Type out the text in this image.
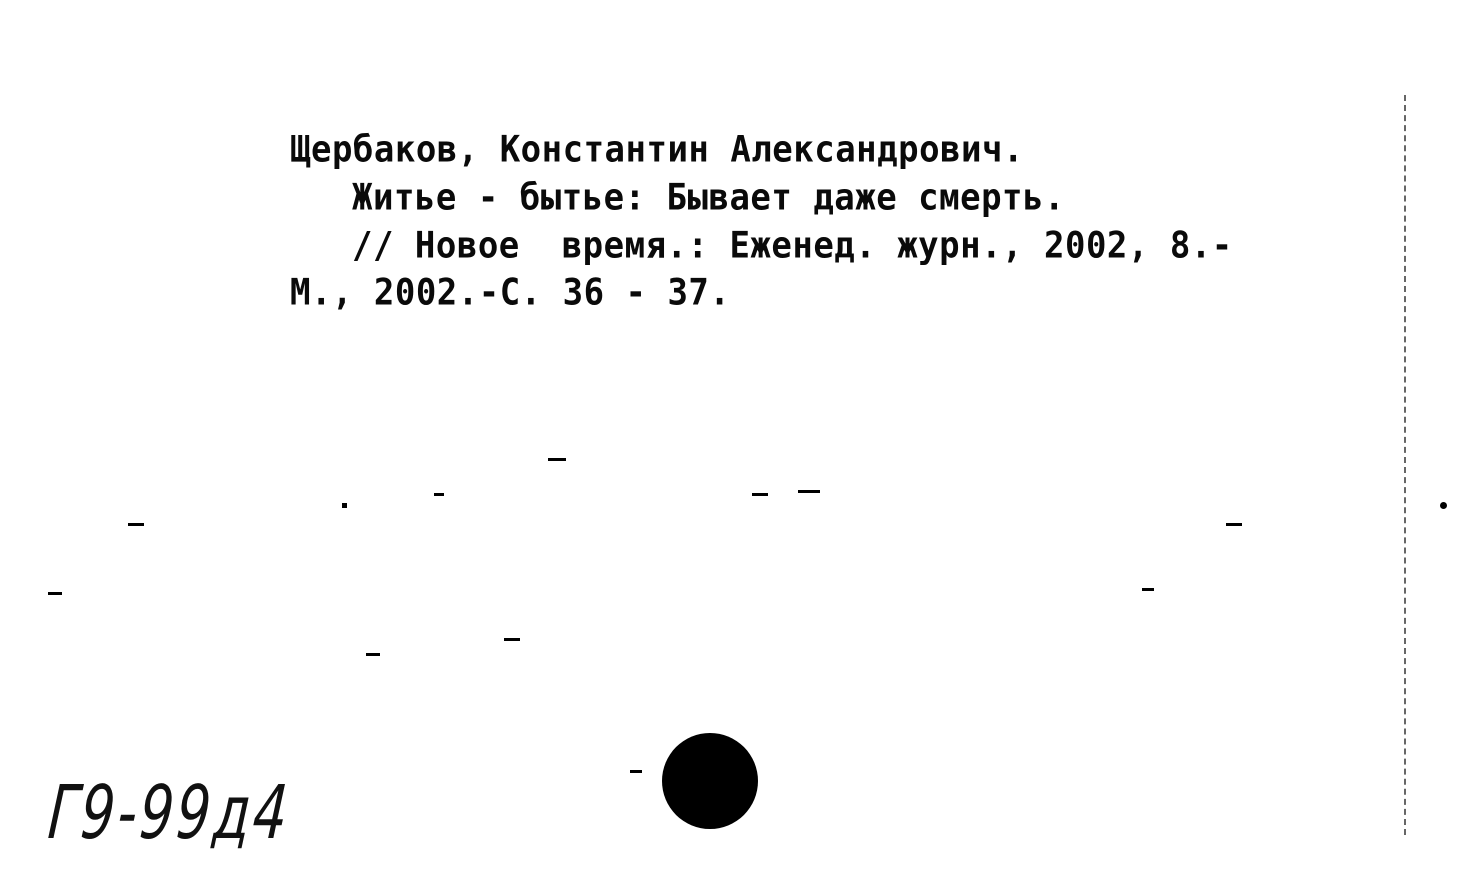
Щербаков, Константин Александрович.
Житье - бытье: Бывает даже смерть.
// Новое  время.: Еженед. журн., 2002, 8.-
М., 2002.-С. 36 - 37.
Г9-99д4
